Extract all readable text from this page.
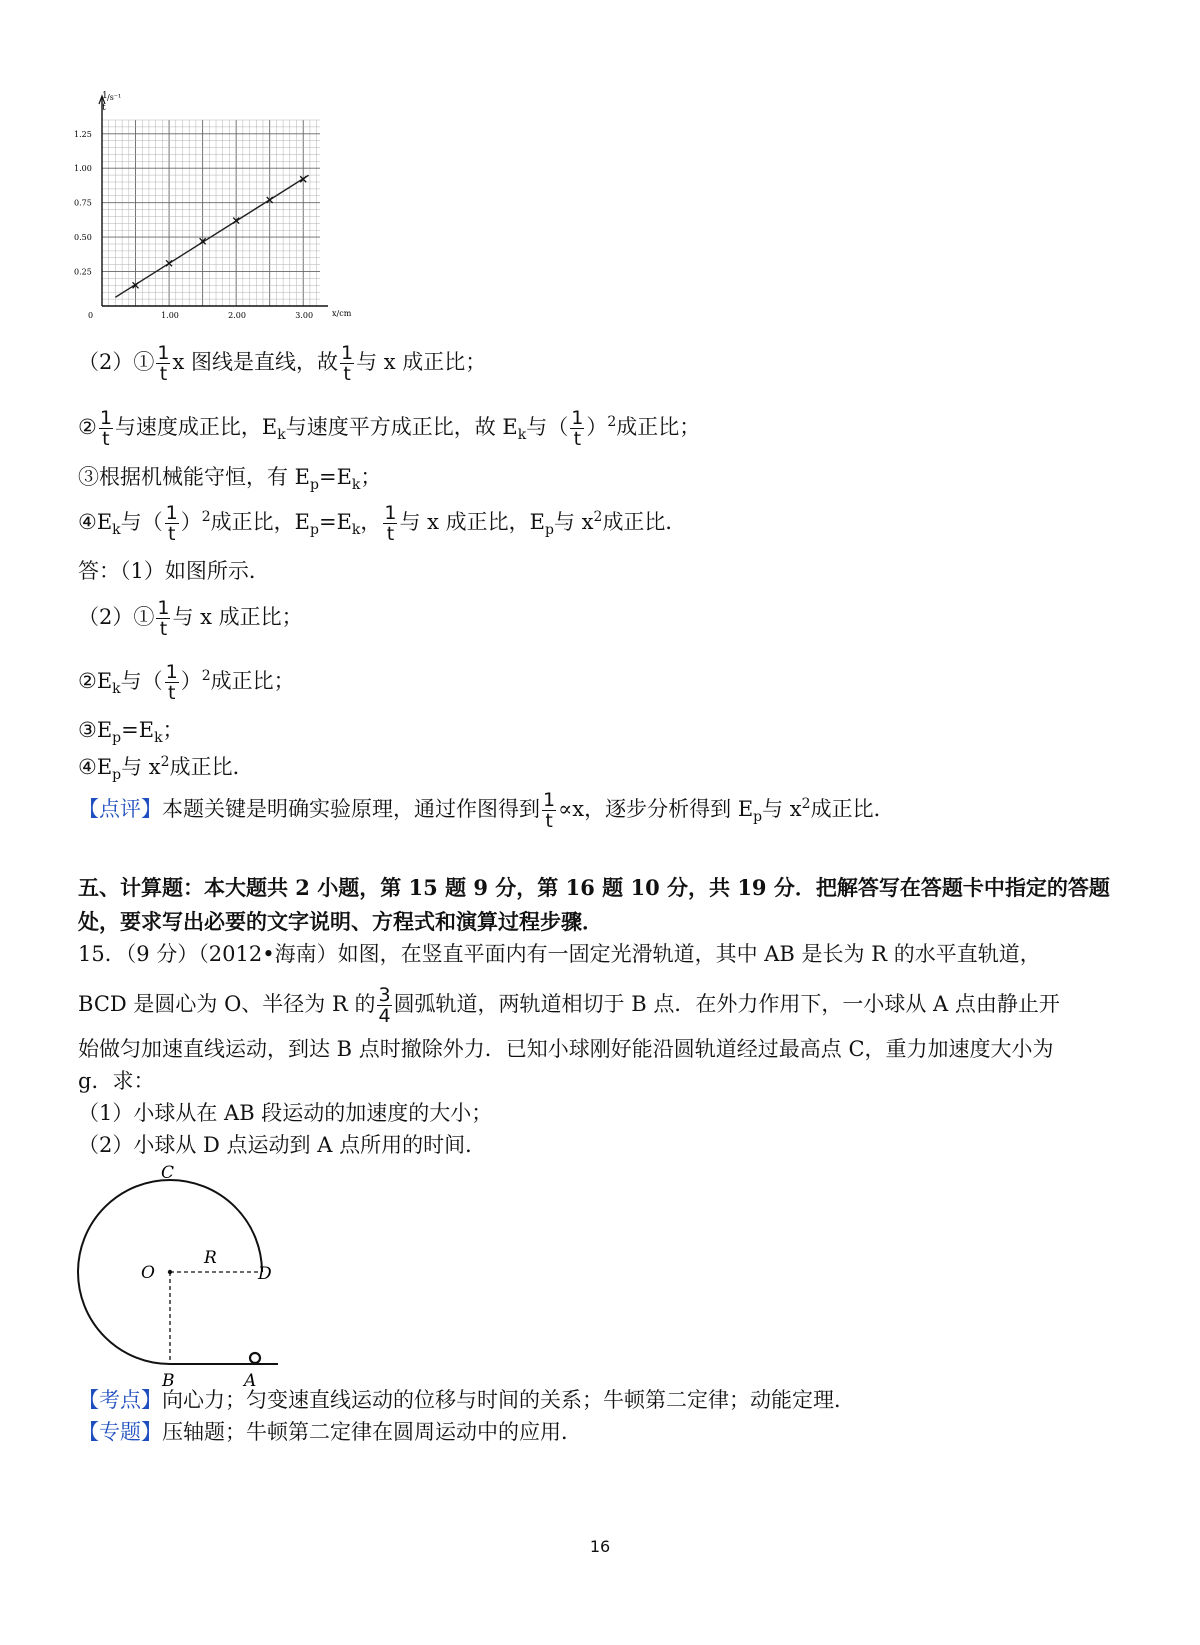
0.25
0.50
0.75
1.00
1.25
0	1.00	2.00	3.00
1 /s⁻¹
t
x/cm
（2）① $\frac{1}{t}$ x 图线是直线，故 $\frac{1}{t}$ 与 x 成正比；
② $\frac{1}{t}$ 与速度成正比，$E_k$与速度平方成正比，故 $E_k$与（ $\frac{1}{t} )^2$成正比；
③根据机械能守恒，有 $E_p=E_k$；
$④E_k$与（ $\frac{1}{t} )^2$成正比，$E_p=E_k$， $\frac{1}{t}$ 与 x 成正比，$E_p$与 $x^2$成正比．
答：（1）如图所示．
（2）① $\frac{1}{t}$ 与 x 成正比；
$②E_k$与（ $\frac{1}{t} )^2$成正比；
$③E_p=E_k$；
$④E_p$与 $x^2$成正比．
【点评】本题关键是明确实验原理，通过作图得到 $\frac{1}{t} \propto x$，逐步分析得到 $E_p$与 $x^2$成正比．
五、计算题：本大题共 2 小题，第 15 题 9 分，第 16 题 10 分，共 19 分．把解答写在答题卡中指定的答题
处，要求写出必要的文字说明、方程式和演算过程步骤．
15．（9 分）（2012•海南）如图，在竖直平面内有一固定光滑轨道，其中 AB 是长为 R 的水平直轨道，
BCD 是圆心为 O、半径为 R 的 $\frac{3}{4}$ 圆弧轨道，两轨道相切于 B 点．在外力作用下，一小球从 A 点由静止开
始做匀加速直线运动，到达 B 点时撤除外力．已知小球刚好能沿圆轨道经过最高点 C，重力加速度大小为
g．求：
（1）小球从在 AB 段运动的加速度的大小；
（2）小球从 D 点运动到 A 点所用的时间．
C
O
R
D
B	A
【考点】向心力；匀变速直线运动的位移与时间的关系；牛顿第二定律；动能定理．
【专题】压轴题；牛顿第二定律在圆周运动中的应用．
16
